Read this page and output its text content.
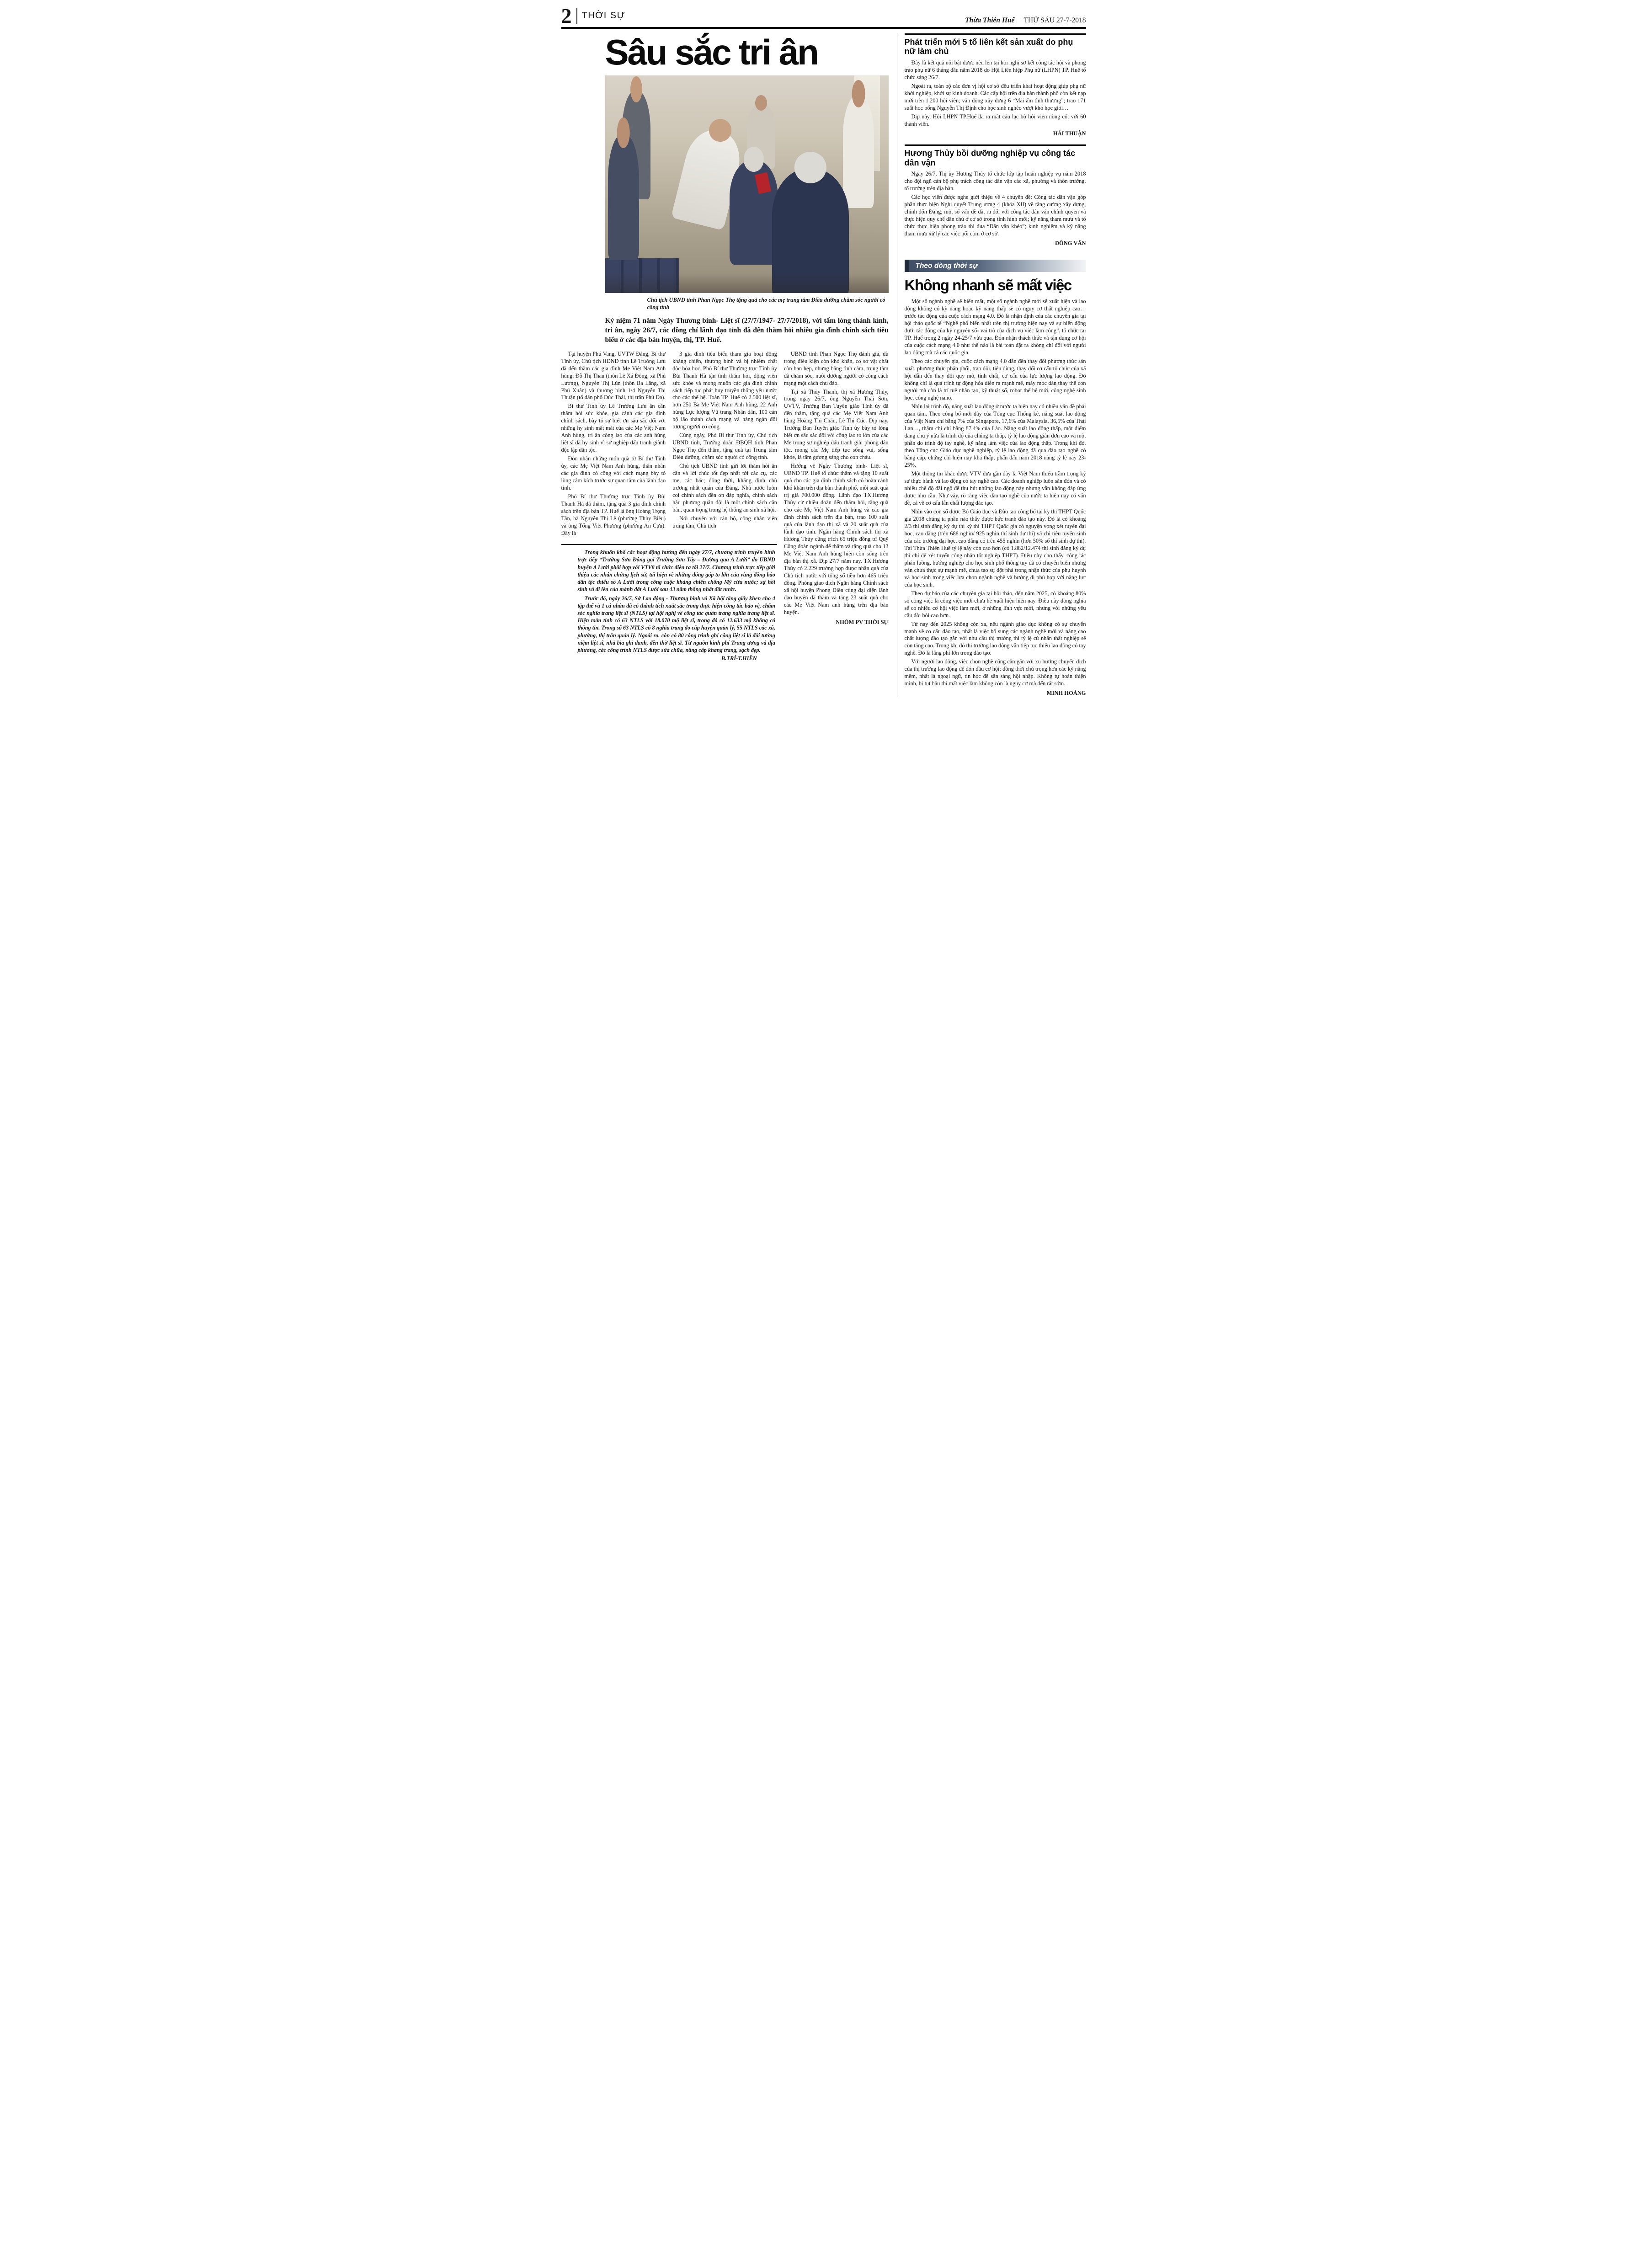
2 THỜI SỰ	Thừa Thiên Huế THỨ SÁU 27-7-2018
Sâu sắc tri ân
Chủ tịch UBND tỉnh Phan Ngọc Thọ tặng quà cho các mẹ trung tâm Điều dưỡng chăm sóc người có công tỉnh

Kỷ niệm 71 năm Ngày Thương binh- Liệt sĩ (27/7/1947- 27/7/2018), với tấm lòng thành kính, tri ân, ngày 26/7, các đồng chí lãnh đạo tỉnh đã đến thăm hỏi nhiều gia đình chính sách tiêu biểu ở các địa bàn huyện, thị, TP. Huế.

Tại huyện Phú Vang, UVTW Đảng, Bí thư Tỉnh ủy, Chủ tịch HĐND tỉnh Lê Trường Lưu đã đến thăm các gia đình Mẹ Việt Nam Anh hùng: Đỗ Thị Thau (thôn Lê Xá Đông, xã Phú Lương), Nguyễn Thị Lùn (thôn Ba Lăng, xã Phú Xuân) và thương binh 1/4 Nguyễn Thị Thuận (tổ dân phố Đức Thái, thị trấn Phú Đa).

Bí thư Tỉnh ủy Lê Trường Lưu ân cần thăm hỏi sức khỏe, gia cảnh các gia đình chính sách, bày tỏ sự biết ơn sâu sắc đối với những hy sinh mất mát của các Mẹ Việt Nam Anh hùng, tri ân công lao của các anh hùng liệt sĩ đã hy sinh vì sự nghiệp đấu tranh giành độc lập dân tộc.

Đón nhận những món quà từ Bí thư Tỉnh ủy, các Mẹ Việt Nam Anh hùng, thân nhân các gia đình có công với cách mạng bày tỏ lòng cảm kích trước sự quan tâm của lãnh đạo tỉnh.

Phó Bí thư Thường trực Tỉnh ủy Bùi Thanh Hà đã thăm, tặng quà 3 gia đình chính sách trên địa bàn TP. Huế là ông Hoàng Trọng Tân, bà Nguyễn Thị Lê (phường Thủy Biều) và ông Tống Việt Phương (phường An Cựu). Đây là

3 gia đình tiêu biểu tham gia hoạt động kháng chiến, thương binh và bị nhiễm chất độc hóa học. Phó Bí thư Thường trực Tỉnh ủy Bùi Thanh Hà tận tình thăm hỏi, động viên sức khỏe và mong muốn các gia đình chính sách tiếp tục phát huy truyền thống yêu nước cho các thế hệ. Toàn TP. Huế có 2.500 liệt sĩ, hơn 250 Bà Mẹ Việt Nam Anh hùng, 22 Anh hùng Lực lượng Vũ trang Nhân dân, 100 cán bộ lão thành cách mạng và hàng ngàn đối tượng người có công.

Cùng ngày, Phó Bí thư Tỉnh ủy, Chủ tịch UBND tỉnh, Trưởng đoàn ĐBQH tỉnh Phan Ngọc Thọ đến thăm, tặng quà tại Trung tâm Điều dưỡng, chăm sóc người có công tỉnh.

Chủ tịch UBND tỉnh gửi lời thăm hỏi ân cần và lời chúc tốt đẹp nhất tới các cụ, các mẹ, các bác; đồng thời, khẳng định chủ trương nhất quán của Đảng, Nhà nước luôn coi chính sách đền ơn đáp nghĩa, chính sách hậu phương quân đội là một chính sách căn bản, quan trọng trong hệ thống an sinh xã hội.

Nói chuyện với cán bộ, công nhân viên trung tâm, Chủ tịch

UBND tỉnh Phan Ngọc Thọ đánh giá, dù trong điều kiện còn khó khăn, cơ sở vật chất còn hạn hẹp, nhưng bằng tình cảm, trung tâm đã chăm sóc, nuôi dưỡng người có công cách mạng một cách chu đáo.

Tại xã Thủy Thanh, thị xã Hương Thủy, trong ngày 26/7, ông Nguyễn Thái Sơn, UVTV, Trưởng Ban Tuyên giáo Tỉnh ủy đã đến thăm, tặng quà các Mẹ Việt Nam Anh hùng Hoàng Thị Cháu, Lê Thị Cúc. Dịp này, Trưởng Ban Tuyên giáo Tỉnh ủy bày tỏ lòng biết ơn sâu sắc đối với công lao to lớn của các Mẹ trong sự nghiệp đấu tranh giải phóng dân tộc, mong các Mẹ tiếp tục sống vui, sống khỏe, là tấm gương sáng cho con cháu.

Hướng về Ngày Thương binh- Liệt sĩ, UBND TP. Huế tổ chức thăm và tặng 10 suất quà cho các gia đình chính sách có hoàn cảnh khó khăn trên địa bàn thành phố, mỗi suất quà trị giá 700.000 đồng. Lãnh đạo TX.Hương Thủy cử nhiều đoàn đến thăm hỏi, tặng quà cho các Mẹ Việt Nam Anh hùng và các gia đình chính sách trên địa bàn, trao 100 suất quà của lãnh đạo thị xã và 20 suất quà của lãnh đạo tỉnh. Ngân hàng Chính sách thị xã Hương Thủy cũng trích 65 triệu đồng từ Quỹ Công đoàn ngành để thăm và tặng quà cho 13 Mẹ Việt Nam Anh hùng hiện còn sống trên địa bàn thị xã. Dịp 27/7 năm nay, TX.Hương Thủy có 2.229 trường hợp được nhận quà của Chủ tịch nước với tổng số tiền hơn 465 triệu đồng. Phòng giao dịch Ngân hàng Chính sách xã hội huyện Phong Điền cùng đại diện lãnh đạo huyện đã thăm và tặng 23 suất quà cho các Mẹ Việt Nam anh hùng trên địa bàn huyện.

NHÓM PV THỜI SỰ

Trong khuôn khổ các hoạt động hướng đến ngày 27/7, chương trình truyền hình trực tiếp “Trường Sơn Đông gọi Trường Sơn Tây – Đường qua A Lưới” do UBND huyện A Lưới phối hợp với VTV8 tổ chức diễn ra tối 27/7. Chương trình trực tiếp giới thiệu các nhân chứng lịch sử, tái hiện về những đóng góp to lớn của vùng đồng bào dân tộc thiểu số A Lưới trong công cuộc kháng chiến chống Mỹ cứu nước; sự hồi sinh và đi lên của mảnh đất A Lưới sau 43 năm thống nhất đất nước.

Trước đó, ngày 26/7, Sở Lao động - Thương binh và Xã hội tặng giấy khen cho 4 tập thể và 1 cá nhân đã có thành tích xuất sắc trong thực hiện công tác bảo vệ, chăm sóc nghĩa trang liệt sĩ (NTLS) tại hội nghị về công tác quản trang nghĩa trang liệt sĩ. Hiện toàn tỉnh có 63 NTLS với 18.070 mộ liệt sĩ, trong đó có 12.633 mộ không có thông tin. Trong số 63 NTLS có 8 nghĩa trang do cấp huyện quản lý, 55 NTLS các xã, phường, thị trấn quản lý. Ngoài ra, còn có 80 công trình ghi công liệt sĩ là đài tưởng niệm liệt sĩ, nhà bia ghi danh, đền thờ liệt sĩ. Từ nguồn kinh phí Trung ương và địa phương, các công trình NTLS được sửa chữa, nâng cấp khang trang, sạch đẹp.

B.TRÍ-T.HIỀN
Phát triển mới 5 tổ liên kết sản xuất do phụ nữ làm chủ

Đây là kết quả nổi bật được nêu lên tại hội nghị sơ kết công tác hội và phong trào phụ nữ 6 tháng đầu năm 2018 do Hội Liên hiệp Phụ nữ (LHPN) TP. Huế tổ chức sáng 26/7.

Ngoài ra, toàn bộ các đơn vị hội cơ sở đều triển khai hoạt động giúp phụ nữ khởi nghiệp, khởi sự kinh doanh. Các cấp hội trên địa bàn thành phố còn kết nạp mới trên 1.200 hội viên; vận động xây dựng 6 “Mái ấm tình thương”; trao 171 suất học bổng Nguyễn Thị Định cho học sinh nghèo vượt khó học giỏi…

Dịp này, Hội LHPN TP.Huế đã ra mắt câu lạc bộ hội viên nòng cốt với 60 thành viên.

HẢI THUẬN
Hương Thủy bồi dưỡng nghiệp vụ công tác dân vận

Ngày 26/7, Thị ủy Hương Thủy tổ chức lớp tập huấn nghiệp vụ năm 2018 cho đội ngũ cán bộ phụ trách công tác dân vận các xã, phường và thôn trưởng, tổ trưởng trên địa bàn.

Các học viên được nghe giới thiệu về 4 chuyên đề: Công tác dân vận góp phần thực hiện Nghị quyết Trung ương 4 (khóa XII) về tăng cường xây dựng, chỉnh đốn Đảng; một số vấn đề đặt ra đối với công tác dân vận chính quyền và thực hiện quy chế dân chủ ở cơ sở trong tình hình mới; kỹ năng tham mưu và tổ chức thực hiện phong trào thi đua “Dân vận khéo”; kinh nghiệm và kỹ năng tham mưu xử lý các việc nổi cộm ở cơ sở.

ĐÔNG VĂN
Theo dòng thời sự
Không nhanh sẽ mất việc

Một số ngành nghề sẽ biến mất, một số ngành nghề mới sẽ xuất hiện và lao động không có kỹ năng hoặc kỹ năng thấp sẽ có nguy cơ thất nghiệp cao… trước tác động của cuộc cách mạng 4.0. Đó là nhận định của các chuyên gia tại hội thảo quốc tế “Nghề phổ biến nhất trên thị trường hiện nay và sự biến động dưới tác động của kỷ nguyên số- vai trò của dịch vụ việc làm công”, tổ chức tại TP. Huế trong 2 ngày 24-25/7 vừa qua. Đón nhận thách thức và tận dụng cơ hội của cuộc cách mạng 4.0 như thế nào là bài toán đặt ra không chỉ đối với người lao động mà cả các quốc gia.

Theo các chuyên gia, cuộc cách mạng 4.0 dẫn đến thay đổi phương thức sản xuất, phương thức phân phối, trao đổi, tiêu dùng, thay đổi cơ cấu tổ chức của xã hội dẫn đến thay đổi quy mô, tính chất, cơ cấu của lực lượng lao động. Đó không chỉ là quá trình tự động hóa diễn ra mạnh mẽ, máy móc dần thay thế con người mà còn là trí tuệ nhân tạo, kỹ thuật số, robot thế hệ mới, công nghệ sinh học, công nghệ nano.

Nhìn lại trình độ, năng suất lao động ở nước ta hiện nay có nhiều vấn đề phải quan tâm. Theo công bố mới đây của Tổng cục Thống kê, năng suất lao động của Việt Nam chỉ bằng 7% của Singapore, 17,6% của Malaysia, 36,5% của Thái Lan…, thậm chí chỉ bằng 87,4% của Lào. Năng suất lao động thấp, một điểm đáng chú ý nữa là trình độ của chúng ta thấp, tỷ lệ lao động giản đơn cao và một phần do trình độ tay nghề, kỹ năng làm việc của lao động thấp. Trong khi đó, theo Tổng cục Giáo dục nghề nghiệp, tỷ lệ lao động đã qua đào tạo nghề có bằng cấp, chứng chỉ hiện nay khá thấp, phấn đấu năm 2018 nâng tỷ lệ này 23-25%.

Một thông tin khác được VTV đưa gần đây là Việt Nam thiếu trầm trọng kỹ sư thực hành và lao động có tay nghề cao. Các doanh nghiệp luôn săn đón và có nhiều chế độ đãi ngộ để thu hút những lao động này nhưng vẫn không đáp ứng được nhu cầu. Như vậy, rõ ràng việc đào tạo nghề của nước ta hiện nay có vấn đề, cả về cơ cấu lẫn chất lượng đào tạo.

Nhìn vào con số được Bộ Giáo dục và Đào tạo công bố tại kỳ thi THPT Quốc gia 2018 chúng ta phần nào thấy được bức tranh đào tạo này. Đó là có khoảng 2/3 thí sinh đăng ký dự thi kỳ thi THPT Quốc gia có nguyện vọng xét tuyển đại học, cao đẳng (trên 688 nghìn/ 925 nghìn thí sinh dự thi) và chỉ tiêu tuyển sinh của các trường đại học, cao đẳng có trên 455 nghìn (hơn 50% số thí sinh dự thi). Tại Thừa Thiên Huế tỷ lệ này còn cao hơn (có 1.882/12.474 thí sinh đăng ký dự thi chỉ để xét tuyển công nhận tốt nghiệp THPT). Điều này cho thấy, công tác phân luồng, hướng nghiệp cho học sinh phổ thông tuy đã có chuyển biến nhưng vẫn chưa thực sự mạnh mẽ, chưa tạo sự đột phá trong nhận thức của phụ huynh và học sinh trong việc lựa chọn ngành nghề và hướng đi phù hợp với năng lực của học sinh.

Theo dự báo của các chuyên gia tại hội thảo, đến năm 2025, có khoảng 80% số công việc là công việc mới chưa hề xuất hiện hiện nay. Điều này đồng nghĩa sẽ có nhiều cơ hội việc làm mới, ở những lĩnh vực mới, nhưng với những yêu cầu đòi hỏi cao hơn.

Từ nay đến 2025 không còn xa, nếu ngành giáo dục không có sự chuyển mạnh về cơ cấu đào tạo, nhất là việc bổ sung các ngành nghề mới và nâng cao chất lượng đào tạo gắn với nhu cầu thị trường thì tỷ lệ cử nhân thất nghiệp sẽ còn tăng cao. Trong khi đó thị trường lao động vẫn tiếp tục thiếu lao động có tay nghề. Đó là lãng phí lớn trong đào tạo.

Với người lao động, việc chọn nghề cũng cần gắn với xu hướng chuyển dịch của thị trường lao động để đón đầu cơ hội; đồng thời chú trọng hơn các kỹ năng mềm, nhất là ngoại ngữ, tin học để sẵn sàng hội nhập. Không tự hoàn thiện mình, bị tụt hậu thì mất việc làm không còn là nguy cơ mà đến rất sớm.

MINH HOÀNG
